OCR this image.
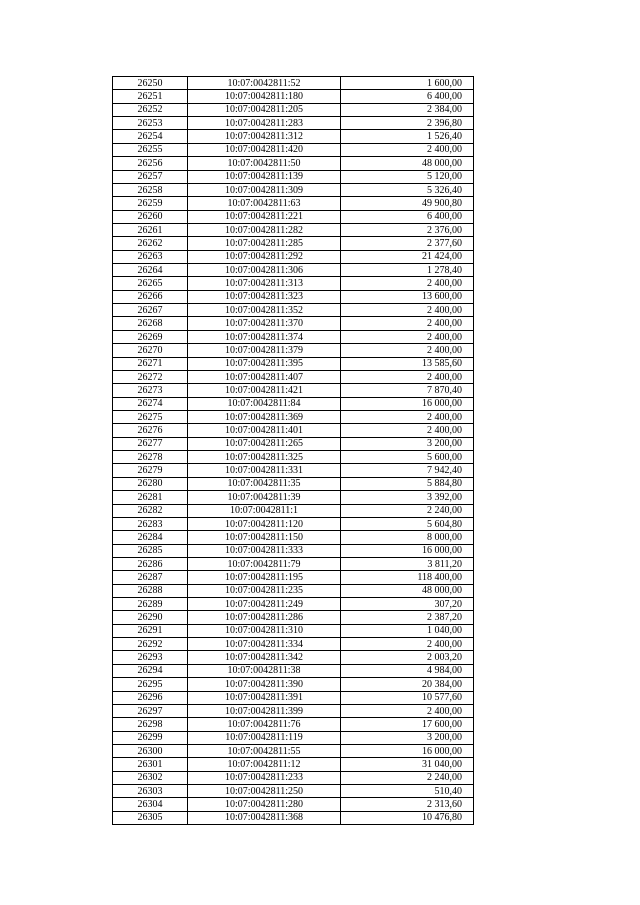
26250	10:07:0042811:52	1 600,00
26251	10:07:0042811:180	6 400,00
26252	10:07:0042811:205	2 384,00
26253	10:07:0042811:283	2 396,80
26254	10:07:0042811:312	1 526,40
26255	10:07:0042811:420	2 400,00
26256	10:07:0042811:50	48 000,00
26257	10:07:0042811:139	5 120,00
26258	10:07:0042811:309	5 326,40
26259	10:07:0042811:63	49 900,80
26260	10:07:0042811:221	6 400,00
26261	10:07:0042811:282	2 376,00
26262	10:07:0042811:285	2 377,60
26263	10:07:0042811:292	21 424,00
26264	10:07:0042811:306	1 278,40
26265	10:07:0042811:313	2 400,00
26266	10:07:0042811:323	13 600,00
26267	10:07:0042811:352	2 400,00
26268	10:07:0042811:370	2 400,00
26269	10:07:0042811:374	2 400,00
26270	10:07:0042811:379	2 400,00
26271	10:07:0042811:395	13 585,60
26272	10:07:0042811:407	2 400,00
26273	10:07:0042811:421	7 870,40
26274	10:07:0042811:84	16 000,00
26275	10:07:0042811:369	2 400,00
26276	10:07:0042811:401	2 400,00
26277	10:07:0042811:265	3 200,00
26278	10:07:0042811:325	5 600,00
26279	10:07:0042811:331	7 942,40
26280	10:07:0042811:35	5 884,80
26281	10:07:0042811:39	3 392,00
26282	10:07:0042811:1	2 240,00
26283	10:07:0042811:120	5 604,80
26284	10:07:0042811:150	8 000,00
26285	10:07:0042811:333	16 000,00
26286	10:07:0042811:79	3 811,20
26287	10:07:0042811:195	118 400,00
26288	10:07:0042811:235	48 000,00
26289	10:07:0042811:249	307,20
26290	10:07:0042811:286	2 387,20
26291	10:07:0042811:310	1 040,00
26292	10:07:0042811:334	2 400,00
26293	10:07:0042811:342	2 003,20
26294	10:07:0042811:38	4 984,00
26295	10:07:0042811:390	20 384,00
26296	10:07:0042811:391	10 577,60
26297	10:07:0042811:399	2 400,00
26298	10:07:0042811:76	17 600,00
26299	10:07:0042811:119	3 200,00
26300	10:07:0042811:55	16 000,00
26301	10:07:0042811:12	31 040,00
26302	10:07:0042811:233	2 240,00
26303	10:07:0042811:250	510,40
26304	10:07:0042811:280	2 313,60
26305	10:07:0042811:368	10 476,80
